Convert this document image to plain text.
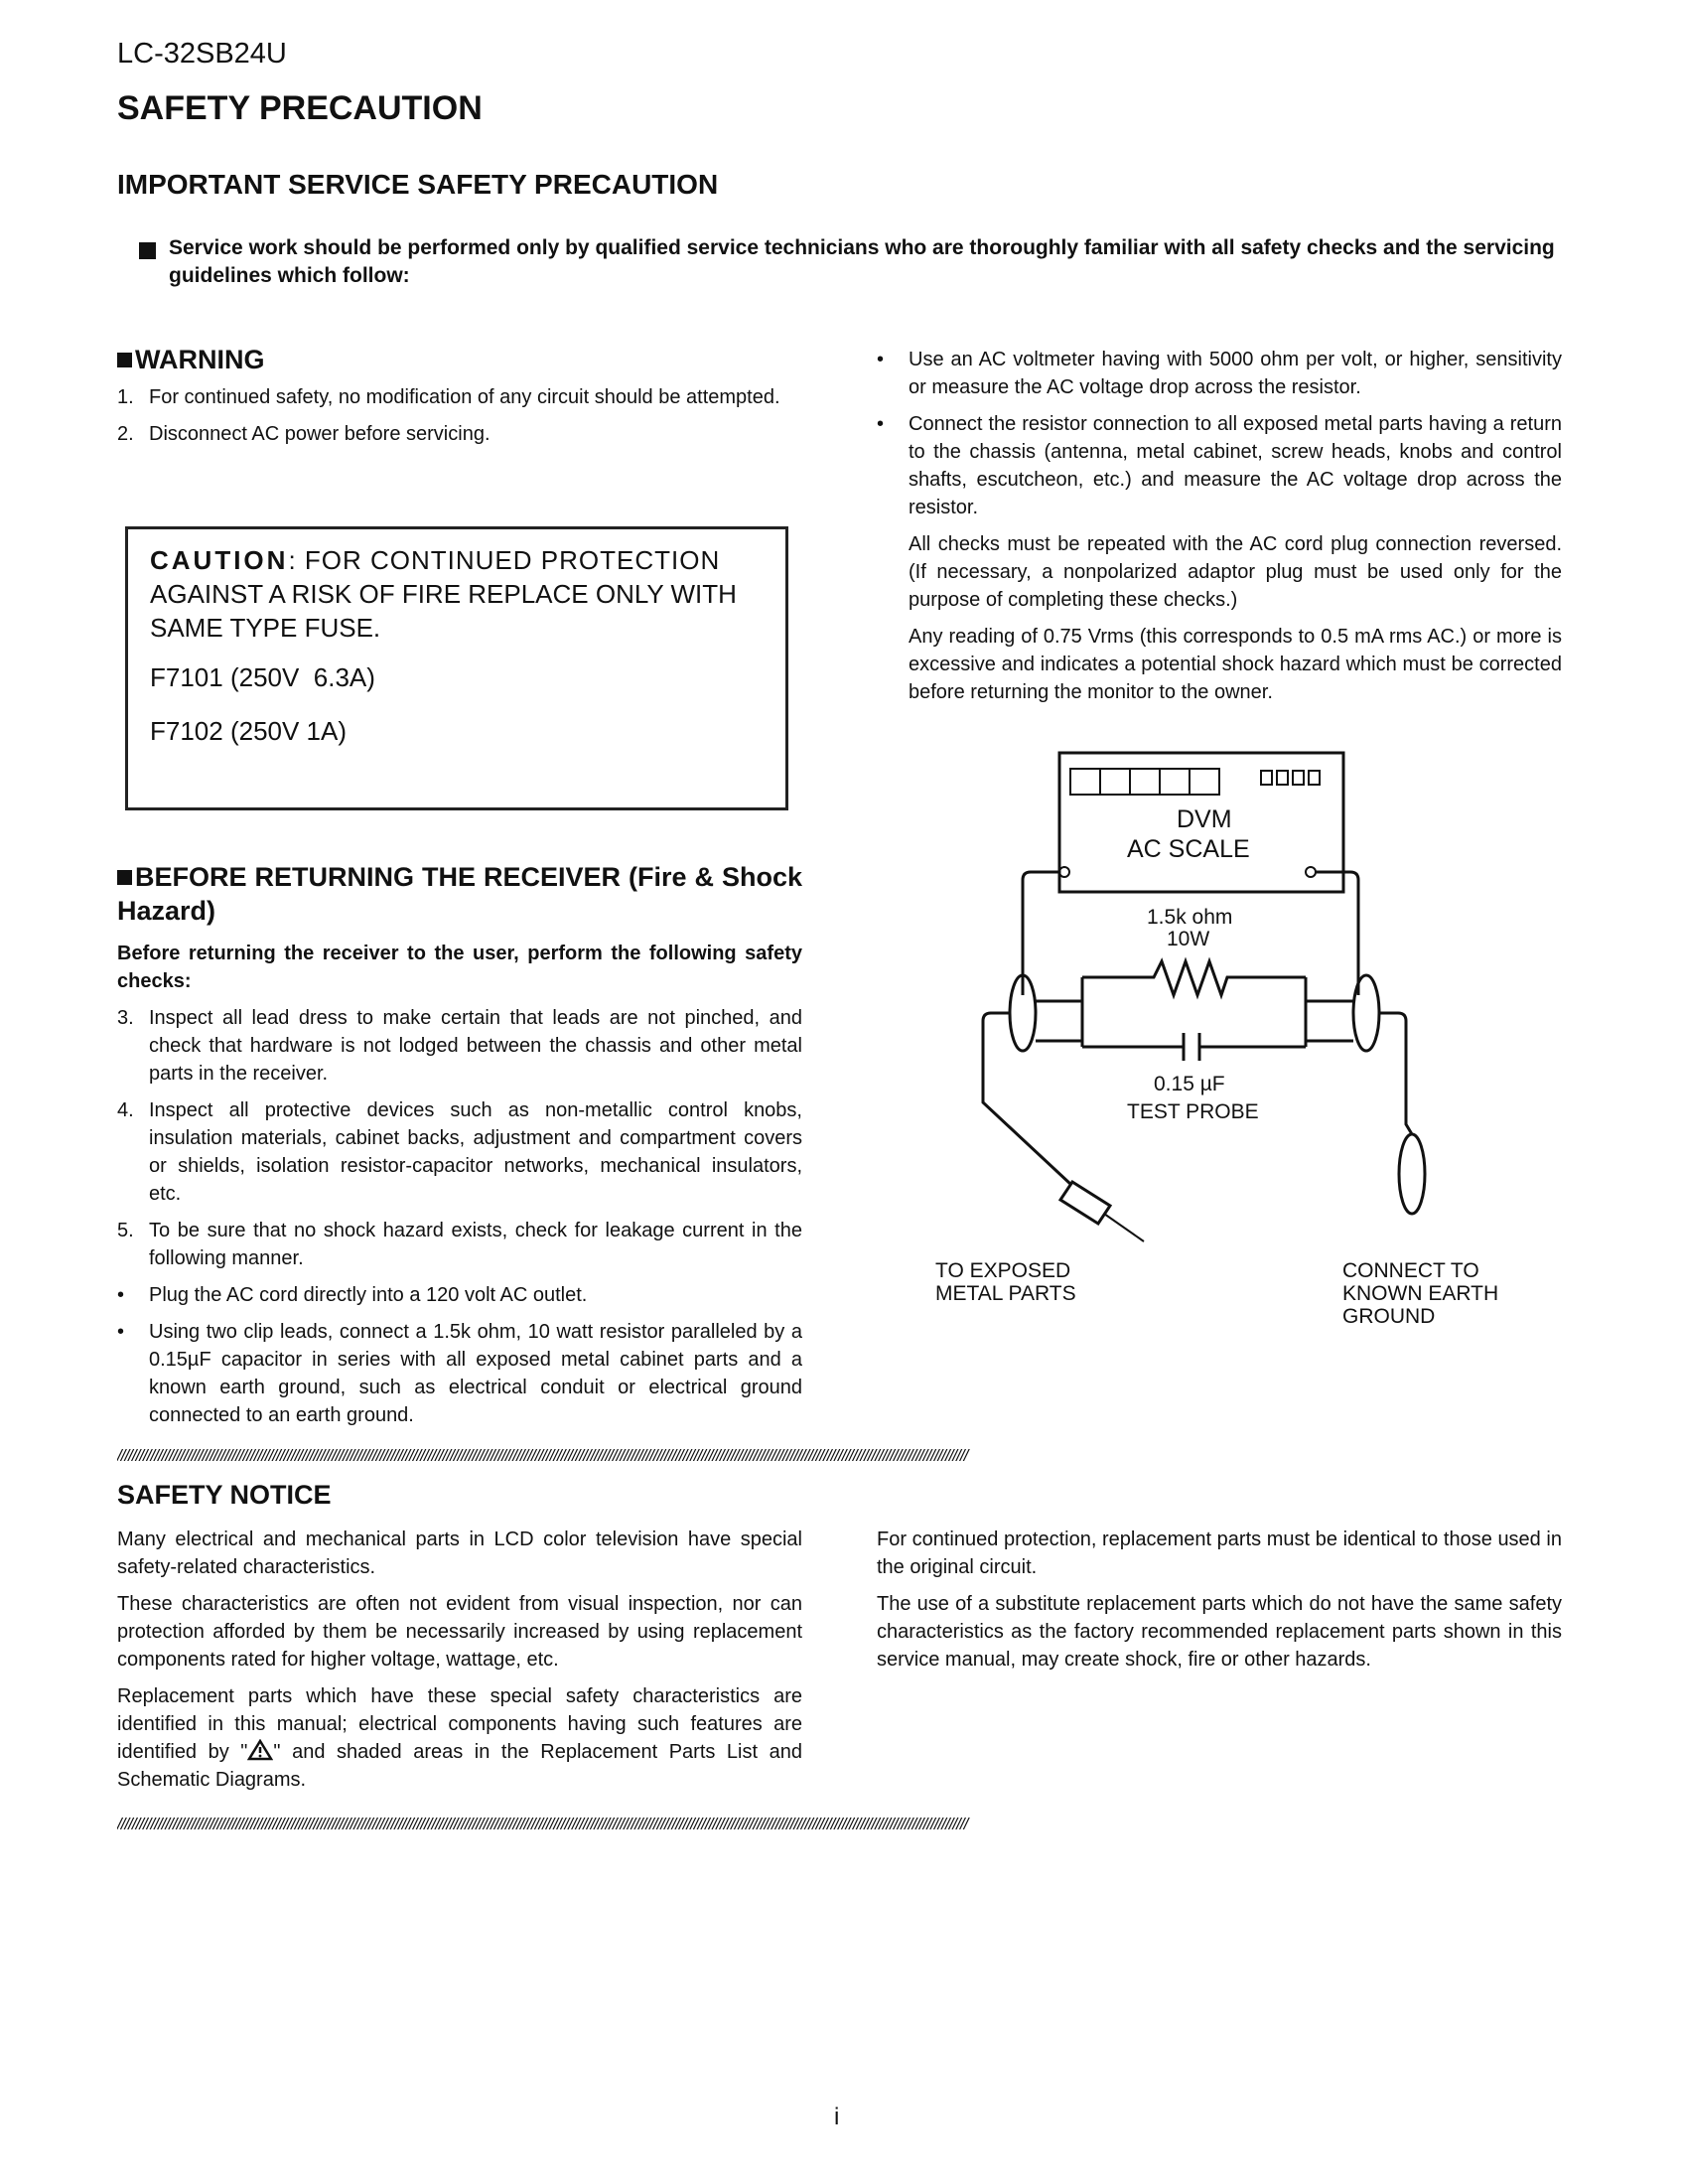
LC-32SB24U
SAFETY PRECAUTION
IMPORTANT SERVICE SAFETY PRECAUTION
Service work should be performed only by qualified service technicians who are thoroughly familiar with all safety checks and the servicing guidelines which follow:
WARNING
1. For continued safety, no modification of any circuit should be attempted.
2. Disconnect AC power before servicing.
CAUTION: FOR CONTINUED PROTECTION
AGAINST A RISK OF FIRE REPLACE ONLY WITH
SAME TYPE FUSE.
F7101 (250V  6.3A)
F7102 (250V 1A)
BEFORE RETURNING THE RECEIVER (Fire & Shock Hazard)

Before returning the receiver to the user, perform the following safety checks:

3. Inspect all lead dress to make certain that leads are not pinched, and check that hardware is not lodged between the chassis and other metal parts in the receiver.
4. Inspect all protective devices such as non-metallic control knobs, insulation materials, cabinet backs, adjustment and compartment covers or shields, isolation resistor-capacitor networks, mechanical insulators, etc.
5. To be sure that no shock hazard exists, check for leakage current in the following manner.
• Plug the AC cord directly into a 120 volt AC outlet.
• Using two clip leads, connect a 1.5k ohm, 10 watt resistor paralleled by a 0.15µF capacitor in series with all exposed metal cabinet parts and a known earth ground, such as electrical conduit or electrical ground connected to an earth ground.
• Use an AC voltmeter having with 5000 ohm per volt, or higher, sensitivity or measure the AC voltage drop across the resistor.
• Connect the resistor connection to all exposed metal parts having a return to the chassis (antenna, metal cabinet, screw heads, knobs and control shafts, escutcheon, etc.) and measure the AC voltage drop across the resistor.

All checks must be repeated with the AC cord plug connection reversed. (If necessary, a nonpolarized adaptor plug must be used only for the purpose of completing these checks.)

Any reading of 0.75 Vrms (this corresponds to 0.5 mA rms AC.) or more is excessive and indicates a potential shock hazard which must be corrected before returning the monitor to the owner.

DVM
AC SCALE
1.5k ohm
10W
0.15 µF
TEST PROBE
TO EXPOSED
METAL PARTS
CONNECT TO
KNOWN EARTH
GROUND
//////////////////////////////////////////////////////////////////////////////////////////////////////////////////////////////////////////////////////////////////////////////////////////////////////////////////////////////////////
SAFETY NOTICE

Many electrical and mechanical parts in LCD color television have special safety-related characteristics.

These characteristics are often not evident from visual inspection, nor can protection afforded by them be necessarily increased by using replacement components rated for higher voltage, wattage, etc.

Replacement parts which have these special safety characteristics are identified in this manual; electrical components having such features are identified by " " and shaded areas in the Replacement Parts List and Schematic Diagrams.

For continued protection, replacement parts must be identical to those used in the original circuit.

The use of a substitute replacement parts which do not have the same safety characteristics as the factory recommended replacement parts shown in this service manual, may create shock, fire or other hazards.

//////////////////////////////////////////////////////////////////////////////////////////////////////////////////////////////////////////////////////////////////////////////////////////////////////////////////////////////////////
i
